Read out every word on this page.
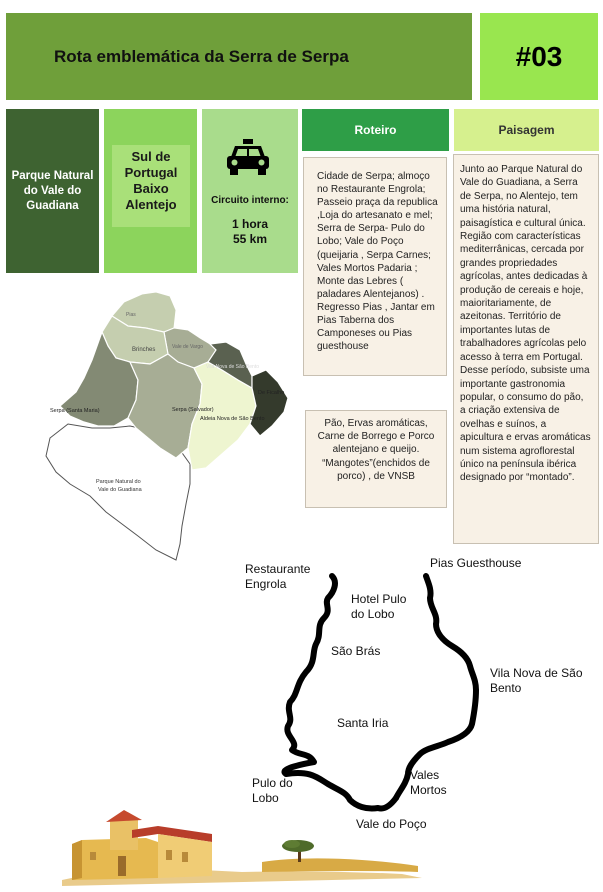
Rota emblemática da Serra de Serpa	#03
Parque Natural do Vale do Guadiana
Sul de
Portugal
Baixo
Alentejo	Circuito interno:
1 hora
55 km
Roteiro	Paisagem
Cidade de Serpa; almoço no Restaurante Engrola; Passeio praça da republica ,Loja do artesanato e mel; Serra de Serpa- Pulo do Lobo; Vale do Poço (queijaria , Serpa Carnes; Vales Mortos Padaria ; Monte das Lebres ( paladares Alentejanos) . Regresso Pias , Jantar em Pias Taberna dos Camponeses ou Pias guesthouse
Pão, Ervas aromáticas, Carne de Borrego e Porco alentejano e queijo. “Mangotes”(enchidos de porco) , de VNSB
Junto ao Parque Natural do Vale do Guadiana, a Serra de Serpa, no Alentejo, tem uma história natural, paisagística e cultural única. Região com características mediterrânicas, cercada por grandes propriedades agrícolas, antes dedicadas à produção de cereais e hoje, maioritariamente, de azeitonas. Território de importantes lutas de trabalhadores agrícolas pelo acesso à terra em Portugal. Desse período, subsiste uma importante gastronomia popular, o consumo do pão, a criação extensiva de ovelhas e suínos, a apicultura e ervas aromáticas num sistema agroflorestal único na península ibérica designado por “montado”.
Brinches
Serpa (Santa Maria)	Serpa (Salvador)
Vila Nova de São Bento
Pias
Vale de Vargo
Aldeia Nova de São Bento
De Ficalho
Parque Natural do
Vale do Guadiana
Restaurante
Engrola
Hotel Pulo
do Lobo
São Brás
Santa Iria
Pulo do
Lobo
Vale do Poço
Vales
Mortos
Vila Nova de São
Bento
Pias Guesthouse
